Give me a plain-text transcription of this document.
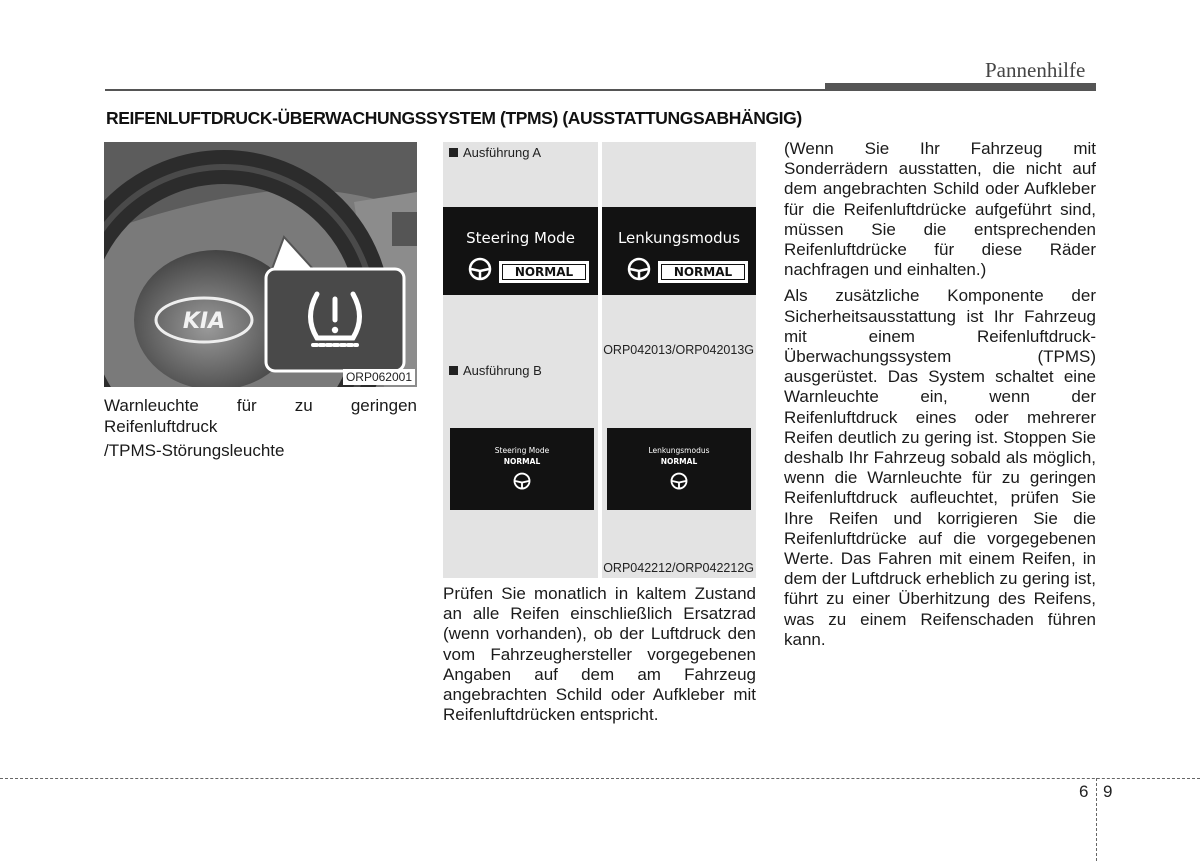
Pannenhilfe
REIFENLUFTDRUCK-ÜBERWACHUNGSSYSTEM (TPMS) (AUSSTATTUNGSABHÄNGIG)
KIA
ORP062001
Warnleuchte für zu geringen Reifenluftdruck
/TPMS-Störungsleuchte
Ausführung A
Steering Mode
NORMAL
Lenkungsmodus
NORMAL
ORP042013/ORP042013G
Ausführung B
Steering Mode
NORMAL
Lenkungsmodus
NORMAL
ORP042212/ORP042212G
Prüfen Sie monatlich in kaltem Zustand an alle Reifen einschließlich Ersatzrad (wenn vorhanden), ob der Luftdruck den vom Fahrzeughersteller vorgegebenen Angaben auf dem am Fahrzeug angebrachten Schild oder Aufkleber mit Reifenluftdrücken entspricht.

(Wenn Sie Ihr Fahrzeug mit Sonderrädern ausstatten, die nicht auf dem angebrachten Schild oder Aufkleber für die Reifenluftdrücke aufgeführt sind, müssen Sie die entsprechenden Reifenluftdrücke für diese Räder nachfragen und einhalten.)

Als zusätzliche Komponente der Sicherheitsausstattung ist Ihr Fahrzeug mit einem Reifenluftdruck-Überwachungssystem (TPMS) ausgerüstet. Das System schaltet eine Warnleuchte ein, wenn der Reifenluftdruck eines oder mehrerer Reifen deutlich zu gering ist. Stoppen Sie deshalb Ihr Fahrzeug sobald als möglich, wenn die Warnleuchte für zu geringen Reifenluftdruck aufleuchtet, prüfen Sie Ihre Reifen und korrigieren Sie die Reifenluftdrücke auf die vorgegebenen Werte. Das Fahren mit einem Reifen, in dem der Luftdruck erheblich zu gering ist, führt zu einer Überhitzung des Reifens, was zu einem Reifenschaden führen kann.

6 9
